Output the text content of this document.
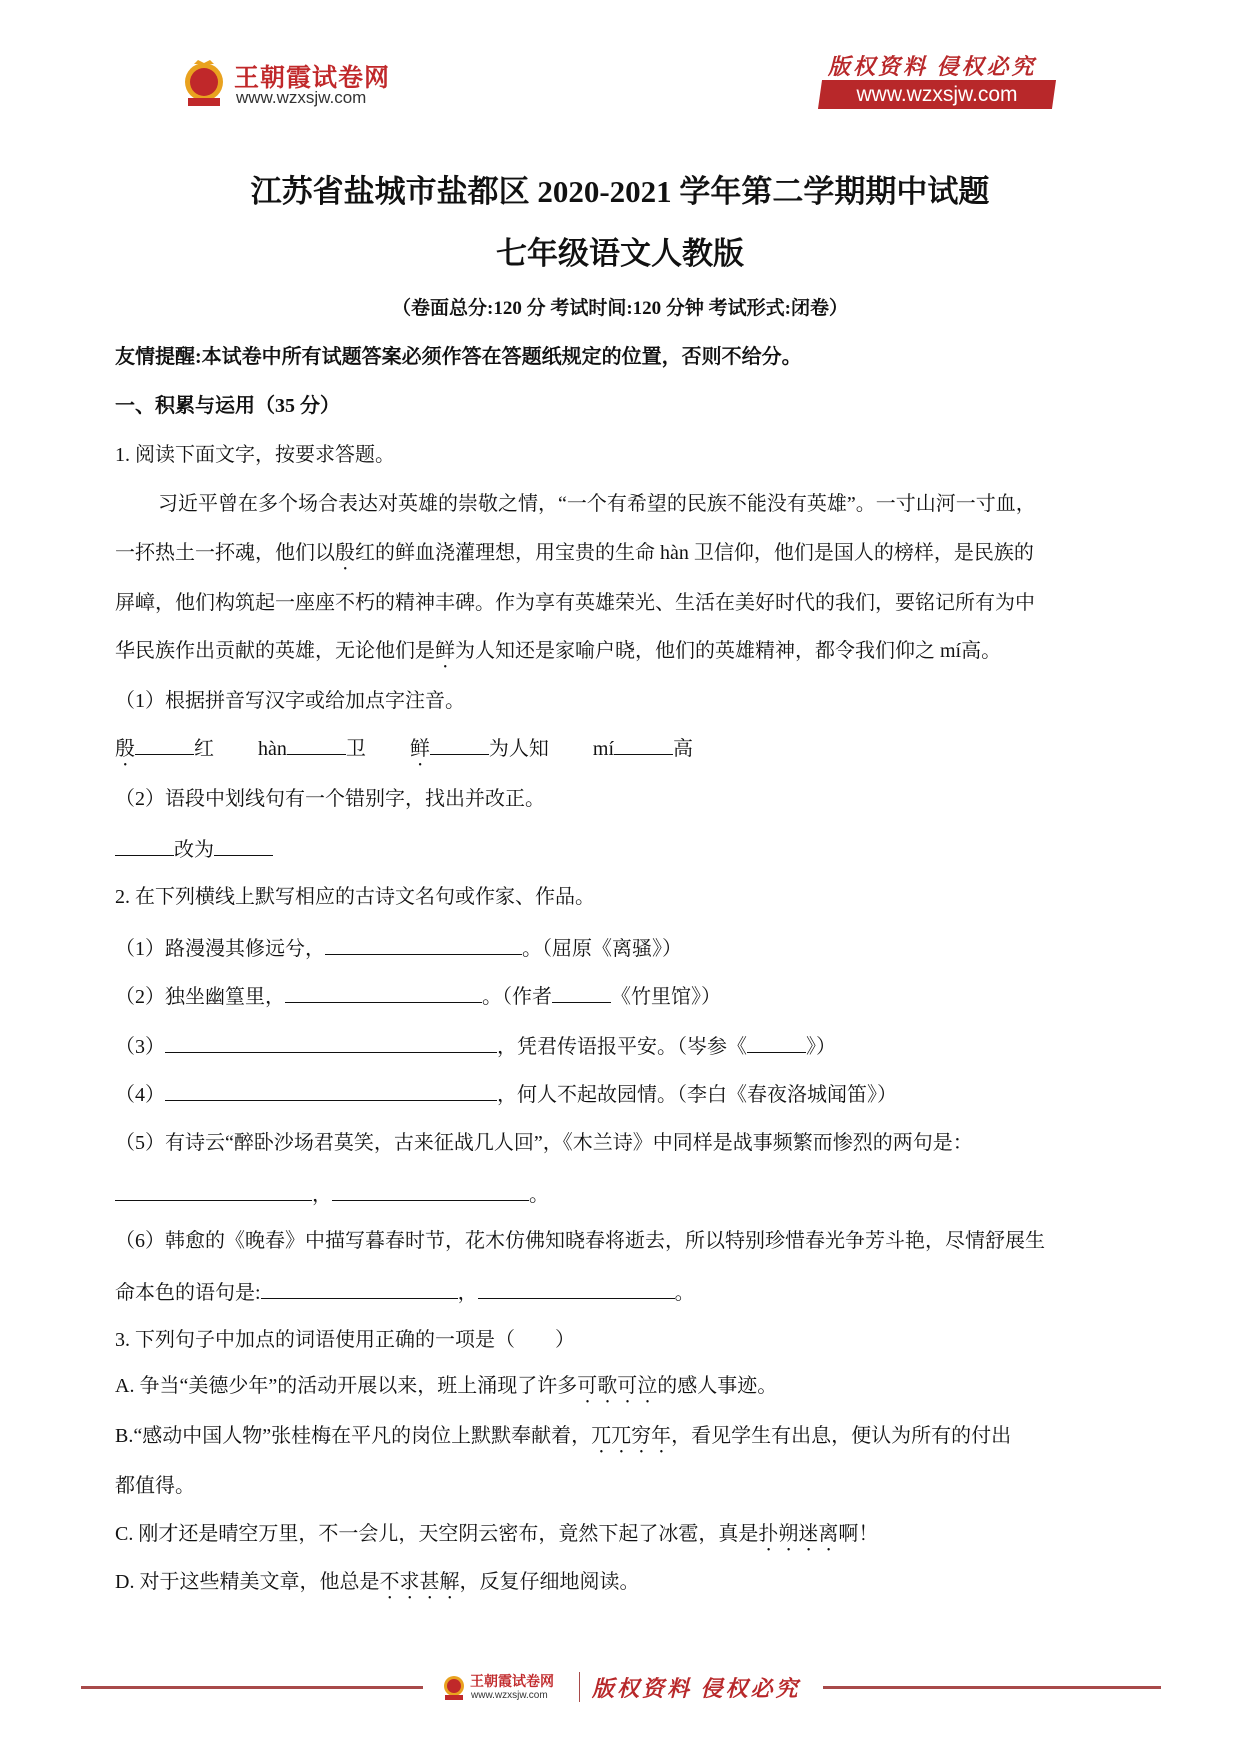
王朝霞试卷网
www.wzxsjw.com
版权资料 侵权必究
www.wzxsjw.com
江苏省盐城市盐都区 2020-2021 学年第二学期期中试题
七年级语文人教版
（卷面总分:120 分 考试时间:120 分钟 考试形式:闭卷）
友情提醒:本试卷中所有试题答案必须作答在答题纸规定的位置，否则不给分。
一、积累与运用（35 分）
1. 阅读下面文字，按要求答题。
习近平曾在多个场合表达对英雄的崇敬之情，“一个有希望的民族不能没有英雄”。一寸山河一寸血，
一抔热土一抔魂，他们以殷红的鲜血浇灌理想，用宝贵的生命 hàn 卫信仰，他们是国人的榜样，是民族的
屏嶂，他们构筑起一座座不朽的精神丰碑。作为享有英雄荣光、生活在美好时代的我们，要铭记所有为中
华民族作出贡献的英雄，无论他们是鲜为人知还是家喻户晓，他们的英雄精神，都令我们仰之 mí高。
（1）根据拼音写汉字或给加点字注音。
殷	红 hàn	卫 鲜	为人知 mí	高
（2）语段中划线句有一个错别字，找出并改正。
改为
2. 在下列横线上默写相应的古诗文名句或作家、作品。
（1）路漫漫其修远兮，	。（屈原《离骚》）
（2）独坐幽篁里，	。（作者	《竹里馆》）
（3）	，凭君传语报平安。（岑参《	》）
（4）	，何人不起故园情。（李白《春夜洛城闻笛》）
（5）有诗云“醉卧沙场君莫笑，古来征战几人回”，《木兰诗》中同样是战事频繁而惨烈的两句是：
，	。
（6）韩愈的《晚春》中描写暮春时节，花木仿佛知晓春将逝去，所以特别珍惜春光争芳斗艳，尽情舒展生
命本色的语句是:	，	。
3. 下列句子中加点的词语使用正确的一项是（　　）
A. 争当“美德少年”的活动开展以来，班上涌现了许多可歌可泣的感人事迹。
B.“感动中国人物”张桂梅在平凡的岗位上默默奉献着，兀兀穷年，看见学生有出息，便认为所有的付出
都值得。
C. 刚才还是晴空万里，不一会儿，天空阴云密布，竟然下起了冰雹，真是扑朔迷离啊！
D. 对于这些精美文章，他总是不求甚解，反复仔细地阅读。
王朝霞试卷网
www.wzxsjw.com 版权资料 侵权必究
